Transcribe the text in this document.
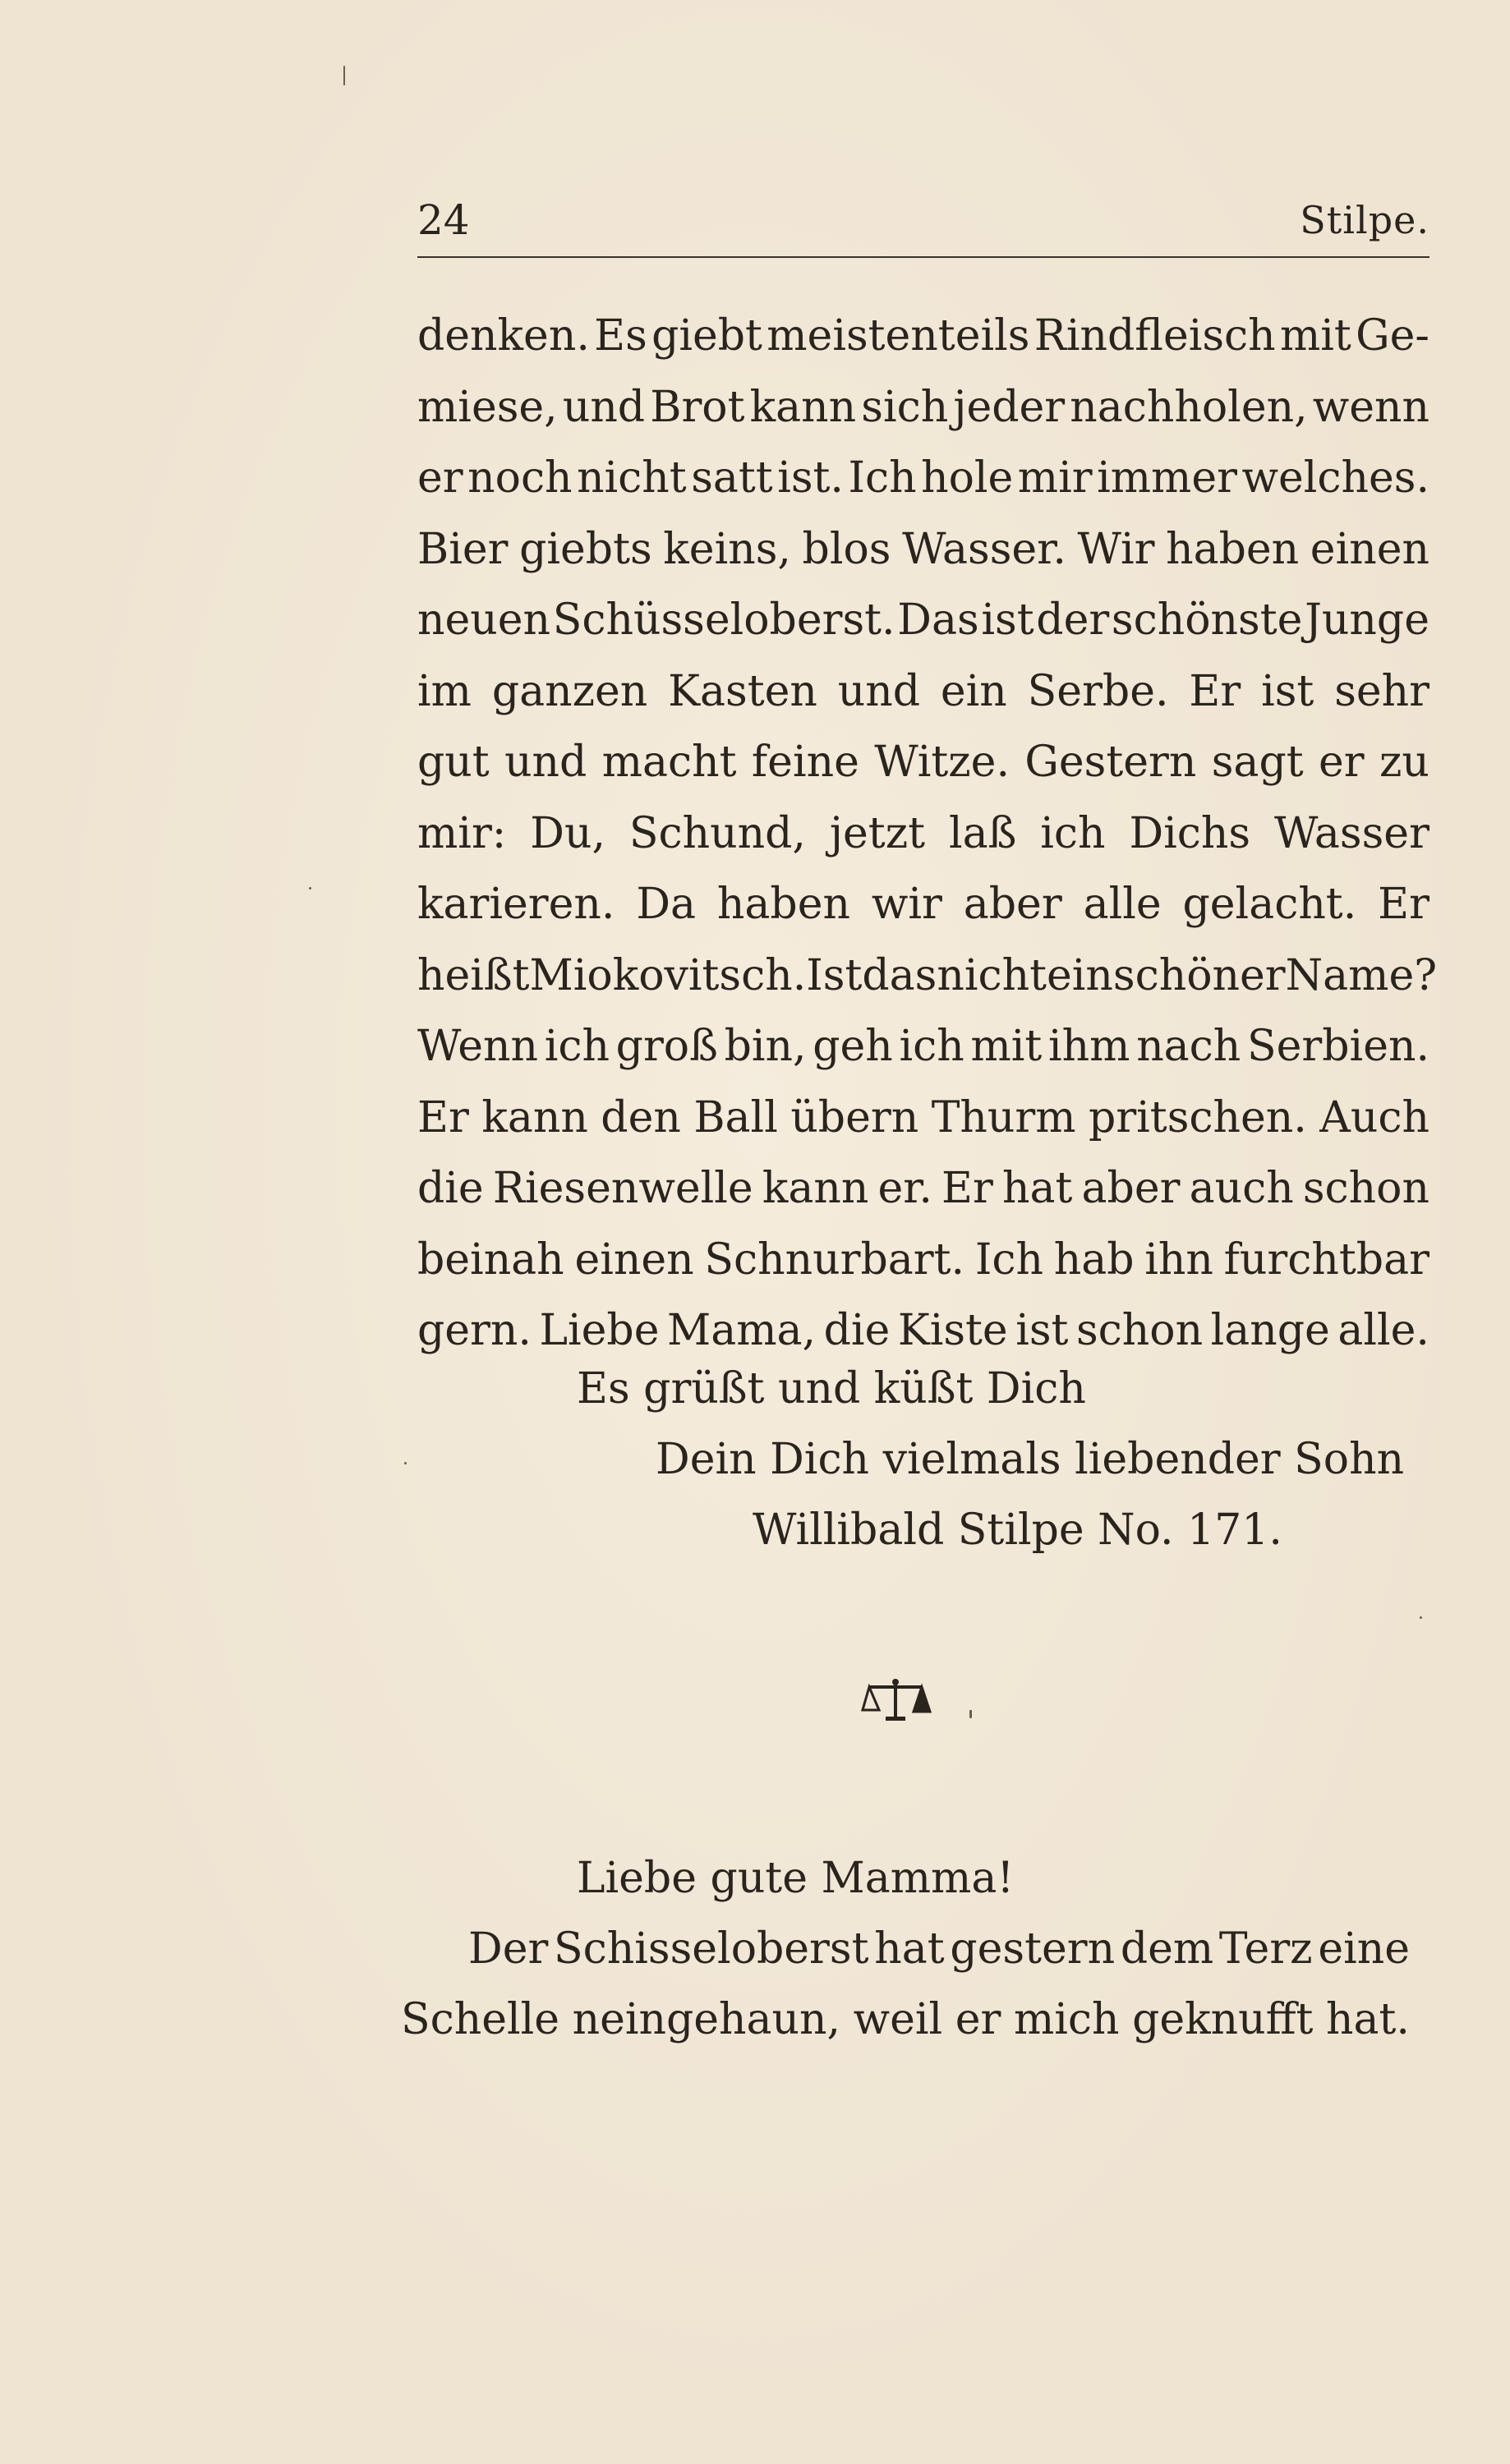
24	Stilpe.
denken. Es giebt meistenteils Rindfleisch mit Ge-
miese, und Brot kann sich jeder nachholen, wenn
er noch nicht satt ist. Ich hole mir immer welches.
Bier giebts keins, blos Wasser. Wir haben einen
neuen Schüsseloberst. Das ist der schönste Junge
im ganzen Kasten und ein Serbe. Er ist sehr
gut und macht feine Witze. Gestern sagt er zu
mir: Du, Schund, jetzt laß ich Dichs Wasser
karieren. Da haben wir aber alle gelacht. Er
heißt Miokovitsch. Ist das nicht ein schöner Name?
Wenn ich groß bin, geh ich mit ihm nach Serbien.
Er kann den Ball übern Thurm pritschen. Auch
die Riesenwelle kann er. Er hat aber auch schon
beinah einen Schnurbart. Ich hab ihn furchtbar
gern. Liebe Mama, die Kiste ist schon lange alle.
Es grüßt und küßt Dich
Dein Dich vielmals liebender Sohn
Willibald Stilpe No. 171.
Liebe gute Mamma!
Der Schisseloberst hat gestern dem Terz eine
Schelle neingehaun, weil er mich geknufft hat.
